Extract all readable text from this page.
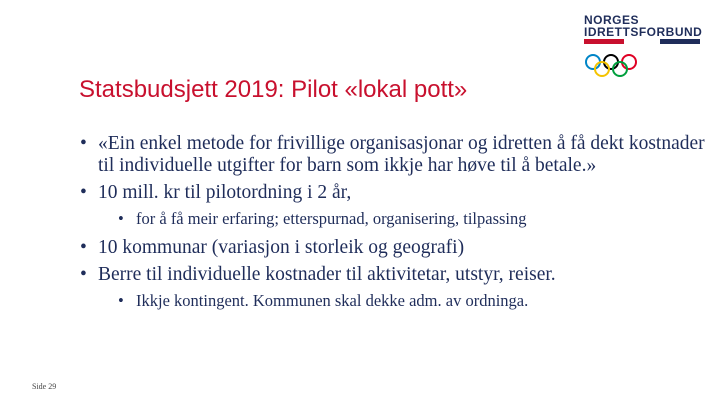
NORGES
IDRETTSFORBUND
Statsbudsjett 2019: Pilot «lokal pott»
• «Ein enkel metode for frivillige organisasjonar og idretten å få dekt kostnader til individuelle utgifter for barn som ikkje har høve til å betale.»
• 10 mill. kr til pilotordning i 2 år,
• for å få meir erfaring; etterspurnad, organisering, tilpassing
• 10 kommunar (variasjon i storleik og geografi)
• Berre til individuelle kostnader til aktivitetar, utstyr, reiser.
• Ikkje kontingent. Kommunen skal dekke adm. av ordninga.
Side 29
